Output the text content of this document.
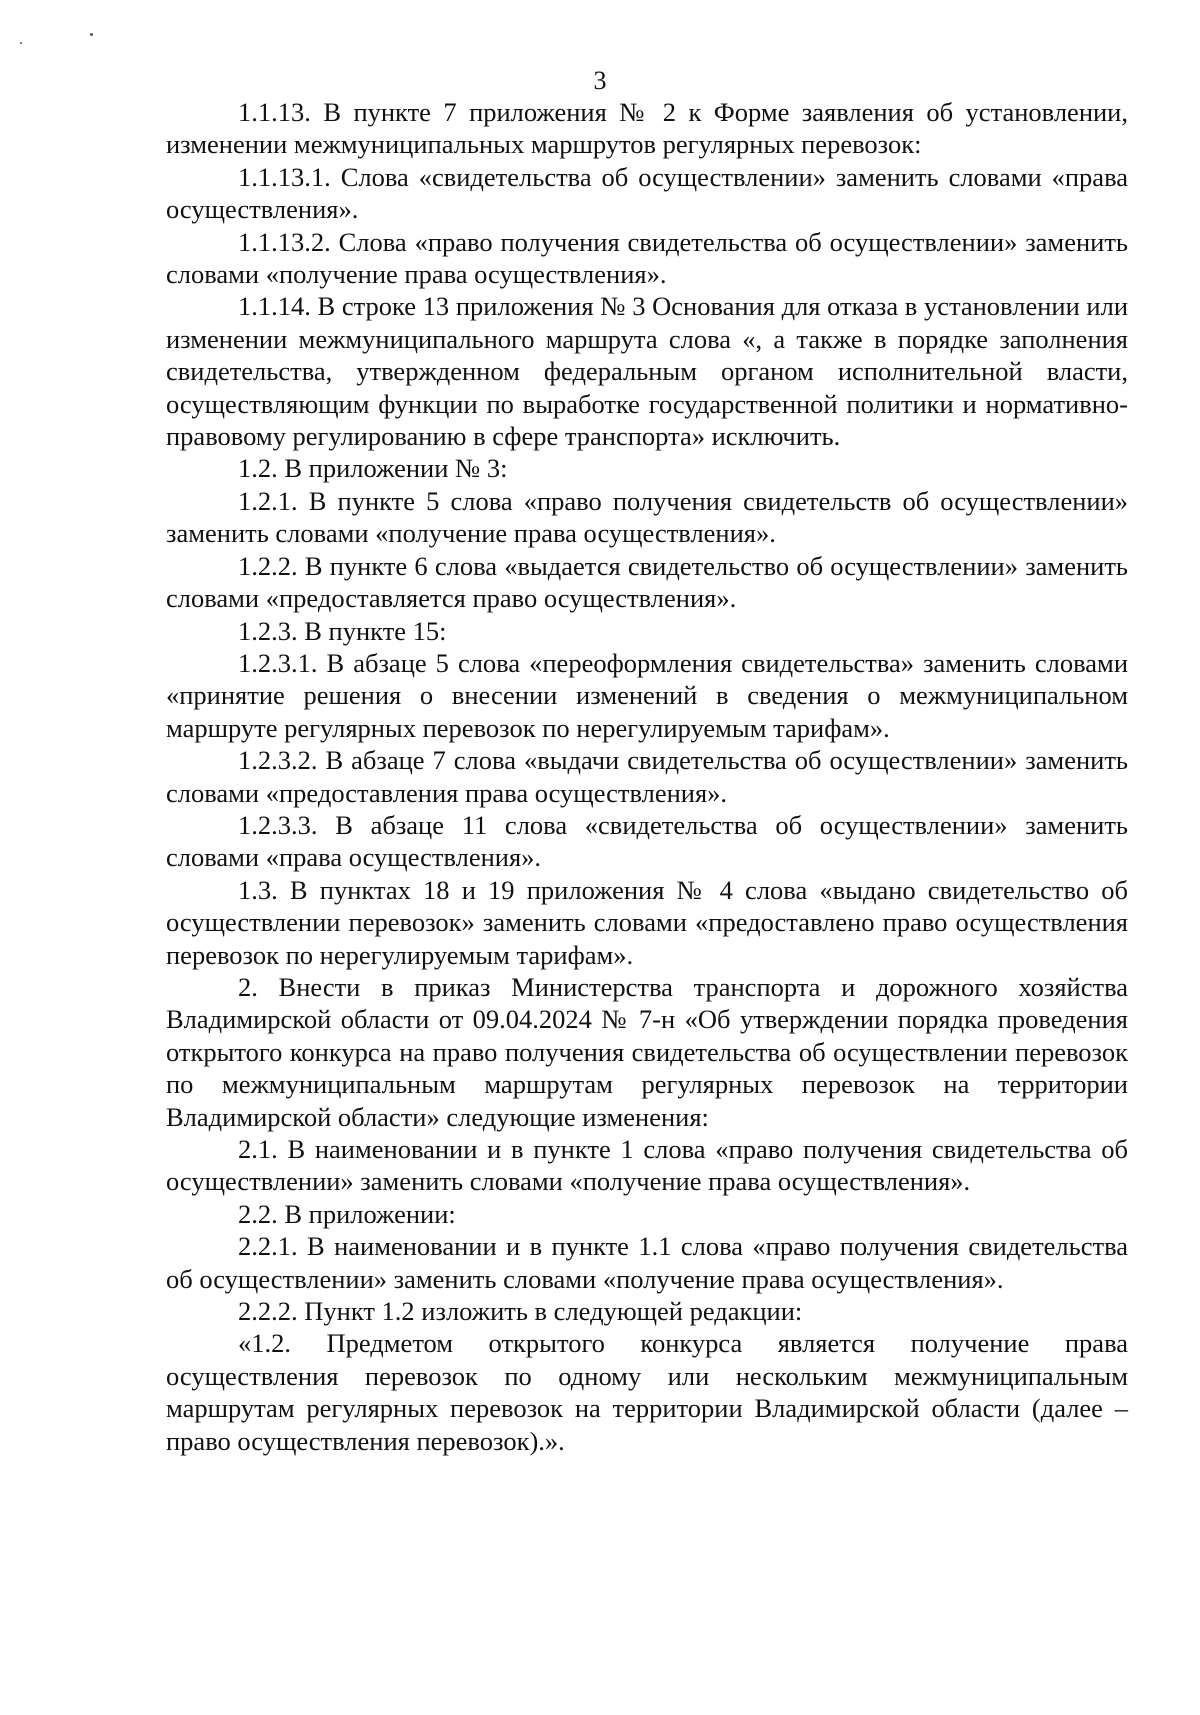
3

1.1.13. В пункте 7 приложения № 2 к Форме заявления об установлении, изменении межмуниципальных маршрутов регулярных перевозок:

1.1.13.1. Слова «свидетельства об осуществлении» заменить словами «права осуществления».

1.1.13.2. Слова «право получения свидетельства об осуществлении» заменить словами «получение права осуществления».

1.1.14. В строке 13 приложения № 3 Основания для отказа в установлении или изменении межмуниципального маршрута слова «, а также в порядке заполнения свидетельства, утвержденном федеральным органом исполнительной власти, осуществляющим функции по выработке государственной политики и нормативно-правовому регулированию в сфере транспорта» исключить.

1.2. В приложении № 3:

1.2.1. В пункте 5 слова «право получения свидетельств об осуществлении» заменить словами «получение права осуществления».

1.2.2. В пункте 6 слова «выдается свидетельство об осуществлении» заменить словами «предоставляется право осуществления».

1.2.3. В пункте 15:

1.2.3.1. В абзаце 5 слова «переоформления свидетельства» заменить словами «принятие решения о внесении изменений в сведения о межмуниципальном маршруте регулярных перевозок по нерегулируемым тарифам».

1.2.3.2. В абзаце 7 слова «выдачи свидетельства об осуществлении» заменить словами «предоставления права осуществления».

1.2.3.3. В абзаце 11 слова «свидетельства об осуществлении» заменить словами «права осуществления».

1.3. В пунктах 18 и 19 приложения № 4 слова «выдано свидетельство об осуществлении перевозок» заменить словами «предоставлено право осуществления перевозок по нерегулируемым тарифам».

2. Внести в приказ Министерства транспорта и дорожного хозяйства Владимирской области от 09.04.2024 № 7-н «Об утверждении порядка проведения открытого конкурса на право получения свидетельства об осуществлении перевозок по межмуниципальным маршрутам регулярных перевозок на территории Владимирской области» следующие изменения:

2.1. В наименовании и в пункте 1 слова «право получения свидетельства об осуществлении» заменить словами «получение права осуществления».

2.2. В приложении:

2.2.1. В наименовании и в пункте 1.1 слова «право получения свидетельства об осуществлении» заменить словами «получение права осуществления».

2.2.2. Пункт 1.2 изложить в следующей редакции:

«1.2. Предметом открытого конкурса является получение права осуществления перевозок по одному или нескольким межмуниципальным маршрутам регулярных перевозок на территории Владимирской области (далее – право осуществления перевозок).».
